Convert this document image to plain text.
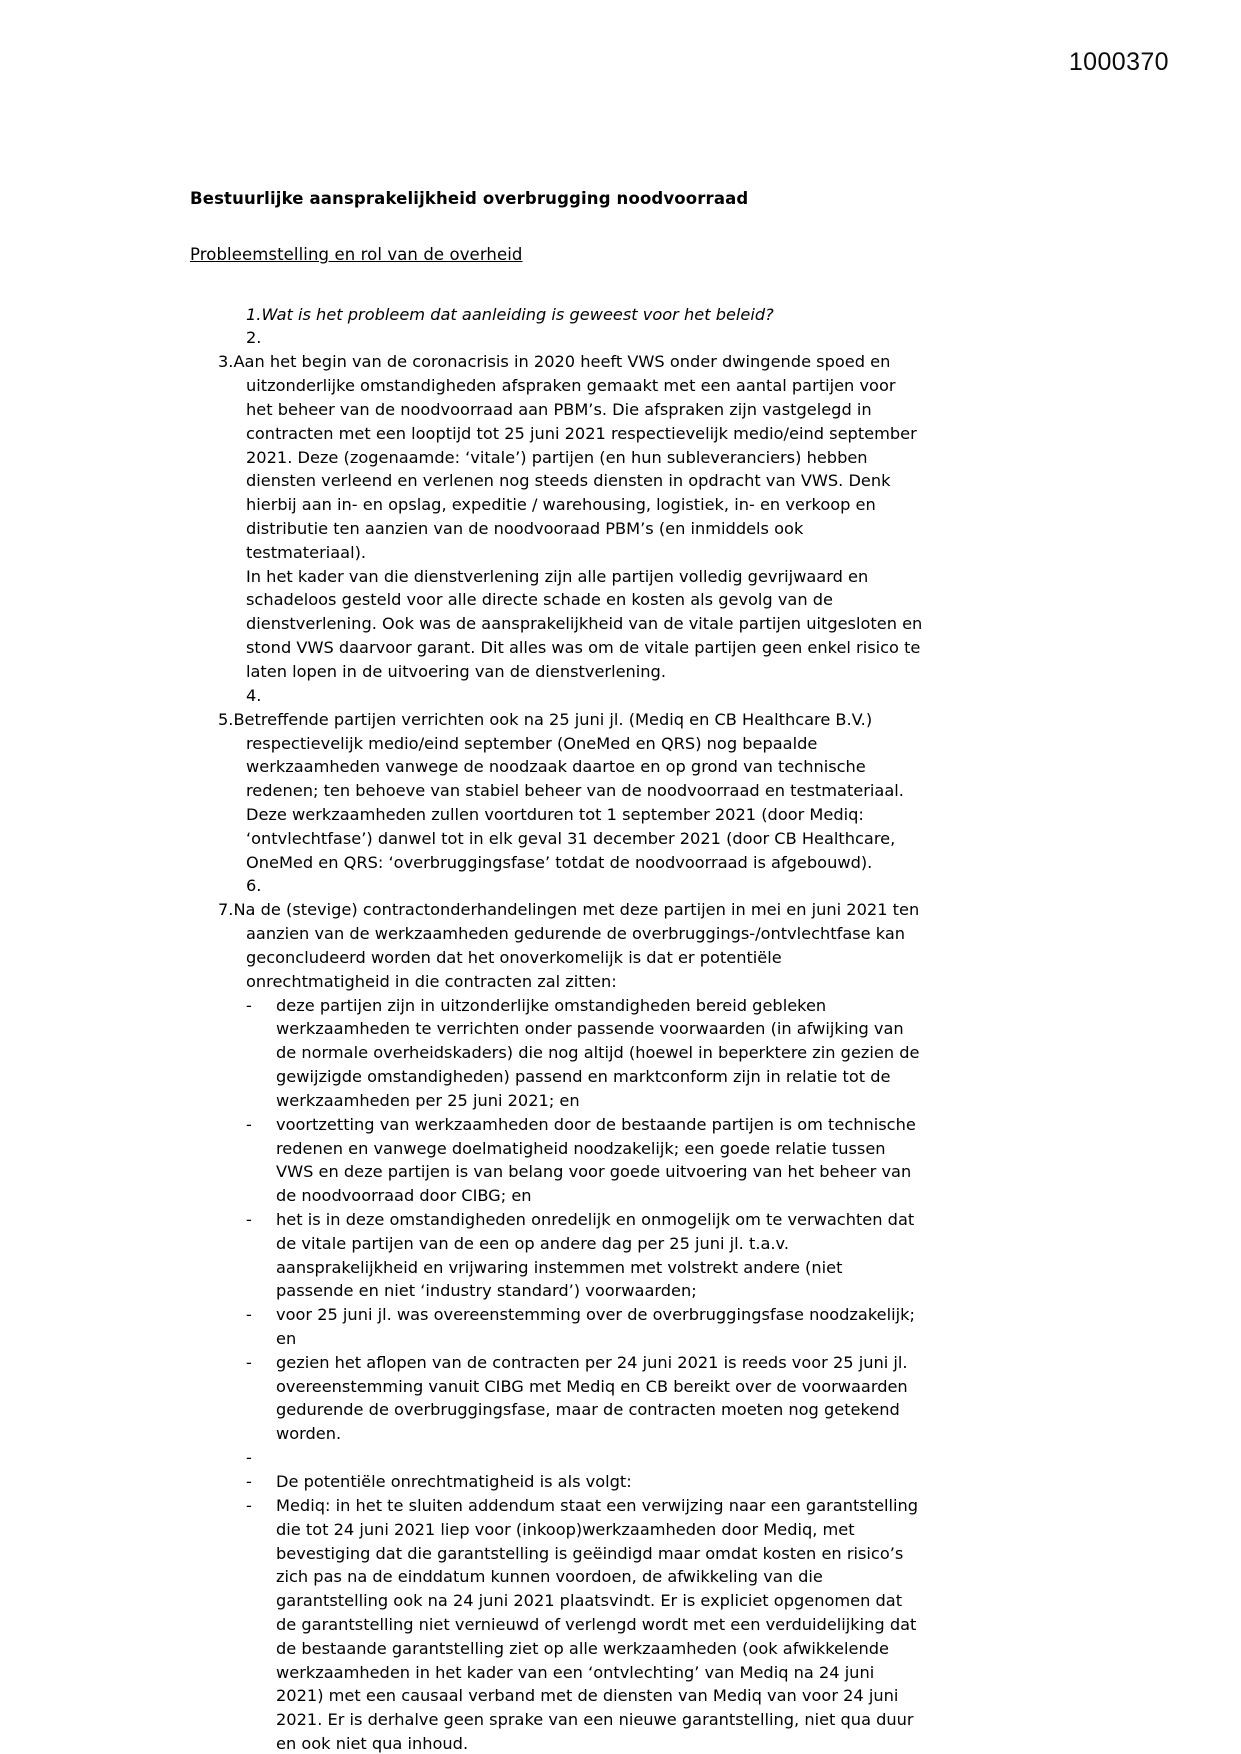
1000370
Bestuurlijke aansprakelijkheid overbrugging noodvoorraad
Probleemstelling en rol van de overheid
1.Wat is het probleem dat aanleiding is geweest voor het beleid?
2.
3.Aan het begin van de coronacrisis in 2020 heeft VWS onder dwingende spoed en uitzonderlijke omstandigheden afspraken gemaakt met een aantal partijen voor het beheer van de noodvoorraad aan PBM’s. Die afspraken zijn vastgelegd in contracten met een looptijd tot 25 juni 2021 respectievelijk medio/eind september 2021. Deze (zogenaamde: ‘vitale’) partijen (en hun subleveranciers) hebben diensten verleend en verlenen nog steeds diensten in opdracht van VWS. Denk hierbij aan in- en opslag, expeditie / warehousing, logistiek, in- en verkoop en distributie ten aanzien van de noodvooraad PBM’s (en inmiddels ook testmateriaal).
In het kader van die dienstverlening zijn alle partijen volledig gevrijwaard en schadeloos gesteld voor alle directe schade en kosten als gevolg van de dienstverlening. Ook was de aansprakelijkheid van de vitale partijen uitgesloten en stond VWS daarvoor garant. Dit alles was om de vitale partijen geen enkel risico te laten lopen in de uitvoering van de dienstverlening.
4.
5.Betreffende partijen verrichten ook na 25 juni jl. (Mediq en CB Healthcare B.V.) respectievelijk medio/eind september (OneMed en QRS) nog bepaalde werkzaamheden vanwege de noodzaak daartoe en op grond van technische redenen; ten behoeve van stabiel beheer van de noodvoorraad en testmateriaal. Deze werkzaamheden zullen voortduren tot 1 september 2021 (door Mediq: ‘ontvlechtfase’) danwel tot in elk geval 31 december 2021 (door CB Healthcare, OneMed en QRS: ‘overbruggingsfase’ totdat de noodvoorraad is afgebouwd).
6.
7.Na de (stevige) contractonderhandelingen met deze partijen in mei en juni 2021 ten aanzien van de werkzaamheden gedurende de overbruggings-/ontvlechtfase kan geconcludeerd worden dat het onoverkomelijk is dat er potentiële onrechtmatigheid in die contracten zal zitten:
- deze partijen zijn in uitzonderlijke omstandigheden bereid gebleken werkzaamheden te verrichten onder passende voorwaarden (in afwijking van de normale overheidskaders) die nog altijd (hoewel in beperktere zin gezien de gewijzigde omstandigheden) passend en marktconform zijn in relatie tot de werkzaamheden per 25 juni 2021; en
- voortzetting van werkzaamheden door de bestaande partijen is om technische redenen en vanwege doelmatigheid noodzakelijk; een goede relatie tussen VWS en deze partijen is van belang voor goede uitvoering van het beheer van de noodvoorraad door CIBG; en
- het is in deze omstandigheden onredelijk en onmogelijk om te verwachten dat de vitale partijen van de een op andere dag per 25 juni jl. t.a.v. aansprakelijkheid en vrijwaring instemmen met volstrekt andere (niet passende en niet ‘industry standard’) voorwaarden;
- voor 25 juni jl. was overeenstemming over de overbruggingsfase noodzakelijk; en
- gezien het aflopen van de contracten per 24 juni 2021 is reeds voor 25 juni jl. overeenstemming vanuit CIBG met Mediq en CB bereikt over de voorwaarden gedurende de overbruggingsfase, maar de contracten moeten nog getekend worden.
-
- De potentiële onrechtmatigheid is als volgt:
- Mediq: in het te sluiten addendum staat een verwijzing naar een garantstelling die tot 24 juni 2021 liep voor (inkoop)werkzaamheden door Mediq, met bevestiging dat die garantstelling is geëindigd maar omdat kosten en risico’s zich pas na de einddatum kunnen voordoen, de afwikkeling van die garantstelling ook na 24 juni 2021 plaatsvindt. Er is expliciet opgenomen dat de garantstelling niet vernieuwd of verlengd wordt met een verduidelijking dat de bestaande garantstelling ziet op alle werkzaamheden (ook afwikkelende werkzaamheden in het kader van een ‘ontvlechting’ van Mediq na 24 juni 2021) met een causaal verband met de diensten van Mediq van voor 24 juni 2021. Er is derhalve geen sprake van een nieuwe garantstelling, niet qua duur en ook niet qua inhoud.
